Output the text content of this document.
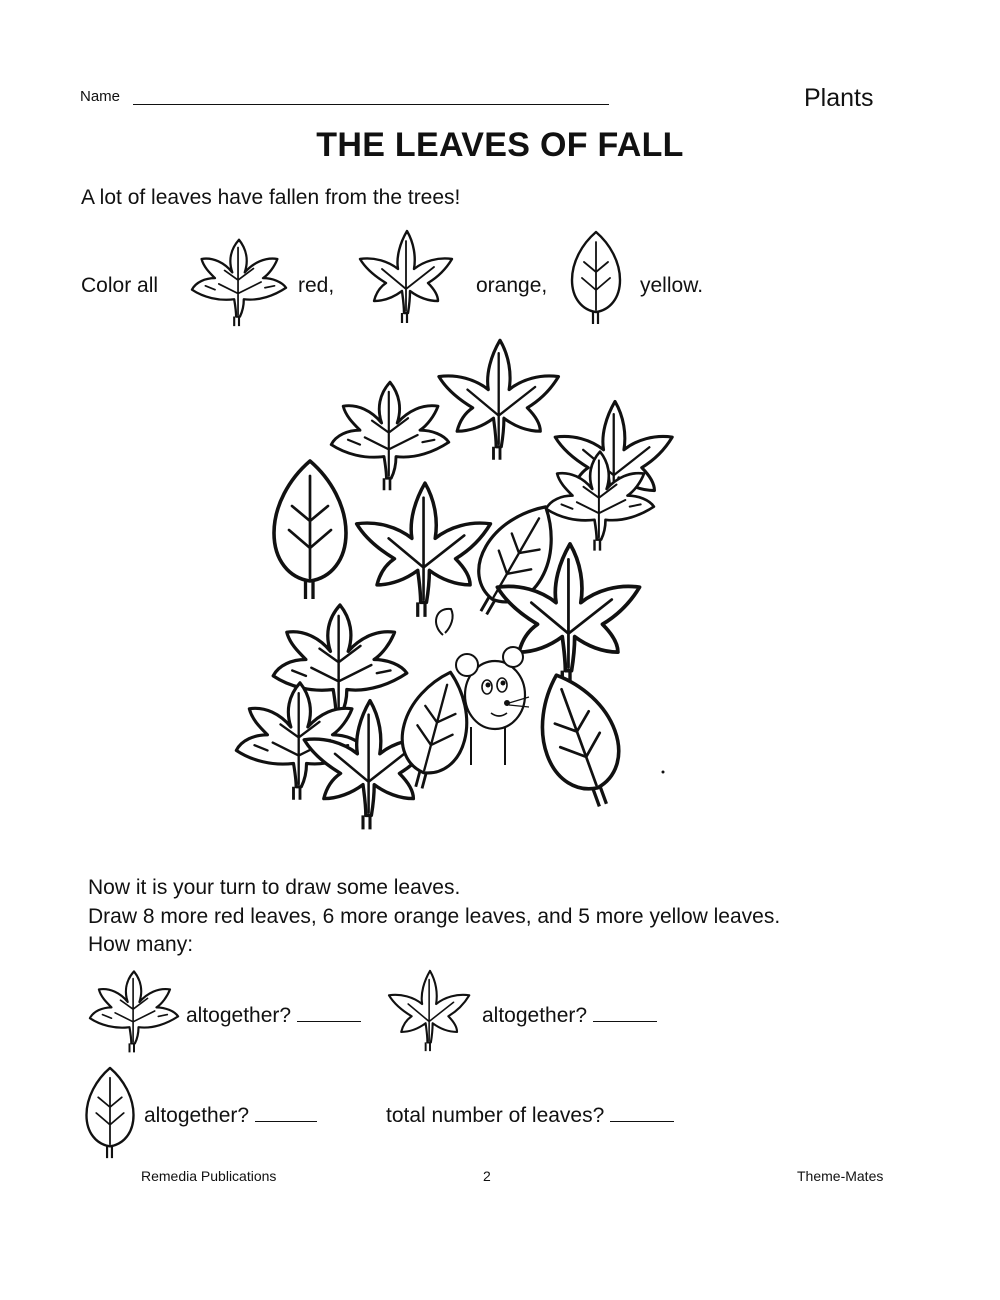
Name	Plants
THE LEAVES OF FALL
A lot of leaves have fallen from the trees!
Color all	red,	orange,	yellow.
Now it is your turn to draw some leaves.
Draw 8 more red leaves, 6 more orange leaves, and 5 more yellow leaves.
How many:
altogether?	altogether?
altogether?	total number of leaves?
Remedia Publications	2	Theme-Mates
